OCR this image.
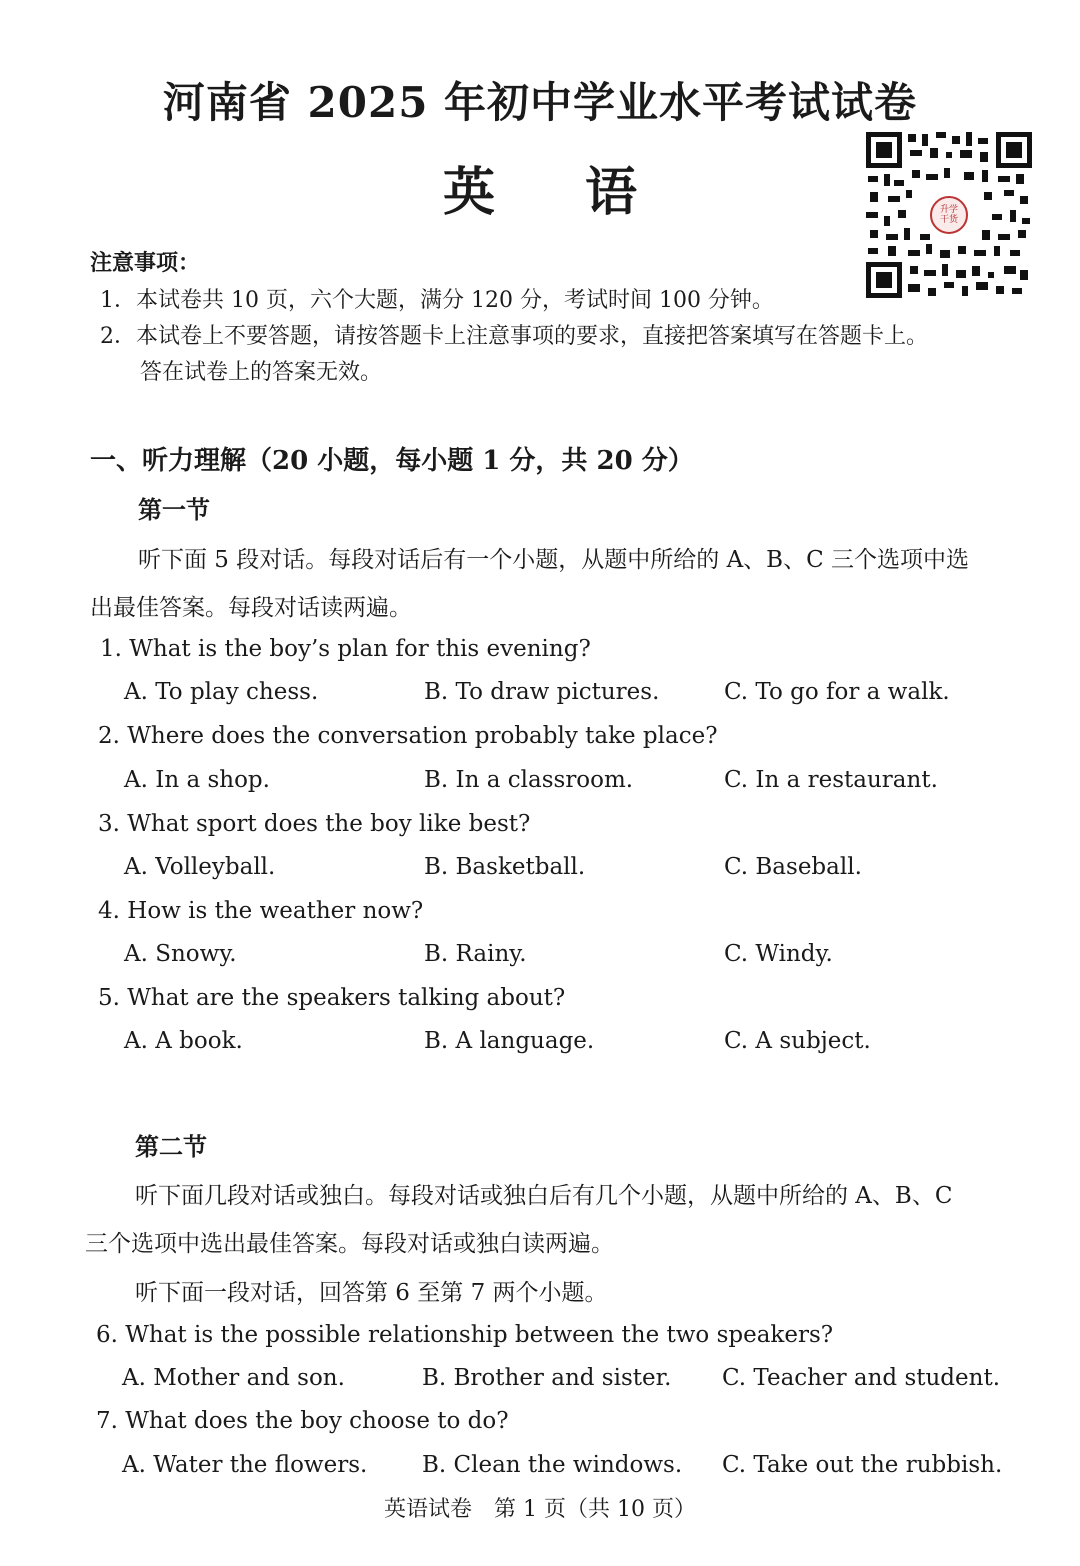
河南省 2025 年初中学业水平考试试卷
英语	升学干货
注意事项：
1．本试卷共 10 页，六个大题，满分 120 分，考试时间 100 分钟。
2．本试卷上不要答题，请按答题卡上注意事项的要求，直接把答案填写在答题卡上。
答在试卷上的答案无效。
一、听力理解（20 小题，每小题 1 分，共 20 分）
第一节
听下面 5 段对话。每段对话后有一个小题，从题中所给的 A、B、C 三个选项中选
出最佳答案。每段对话读两遍。
1. What is the boy’s plan for this evening?
A. To play chess.	B. To draw pictures.	C. To go for a walk.
2. Where does the conversation probably take place?
A. In a shop.	B. In a classroom.	C. In a restaurant.
3. What sport does the boy like best?
A. Volleyball.	B. Basketball.	C. Baseball.
4. How is the weather now?
A. Snowy.	B. Rainy.	C. Windy.
5. What are the speakers talking about?
A. A book.	B. A language.	C. A subject.
第二节
听下面几段对话或独白。每段对话或独白后有几个小题，从题中所给的 A、B、C
三个选项中选出最佳答案。每段对话或独白读两遍。
听下面一段对话，回答第 6 至第 7 两个小题。
6. What is the possible relationship between the two speakers?
A. Mother and son.	B. Brother and sister. C. Teacher and student.
7. What does the boy choose to do?
A. Water the flowers. B. Clean the windows. C. Take out the rubbish.
英语试卷　第 1 页（共 10 页）
